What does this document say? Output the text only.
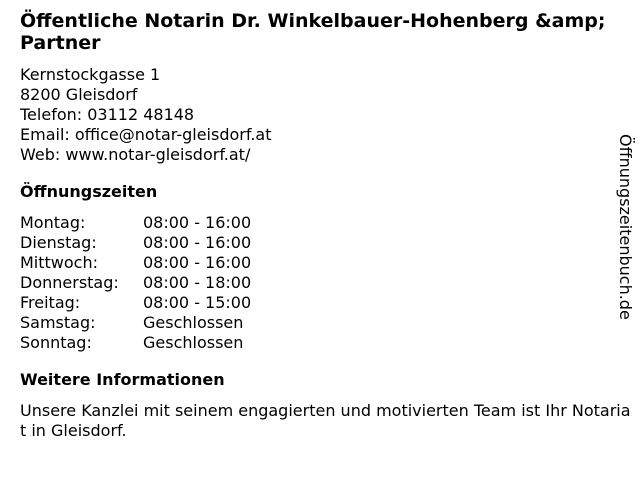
Öffentliche Notarin Dr. Winkelbauer-Hohenberg &amp; Partner
Kernstockgasse 1
8200 Gleisdorf
Telefon: 03112 48148
Email: office@notar-gleisdorf.at
Web: www.notar-gleisdorf.at/
Öffnungszeiten
Montag:	08:00 - 16:00
Dienstag:	08:00 - 16:00
Mittwoch:	08:00 - 16:00
Donnerstag:	08:00 - 18:00
Freitag:	08:00 - 15:00
Samstag:	Geschlossen
Sonntag:	Geschlossen
Weitere Informationen
Unsere Kanzlei mit seinem engagierten und motivierten Team ist Ihr Notariat in Gleisdorf.
Öffnungszeitenbuch.de
